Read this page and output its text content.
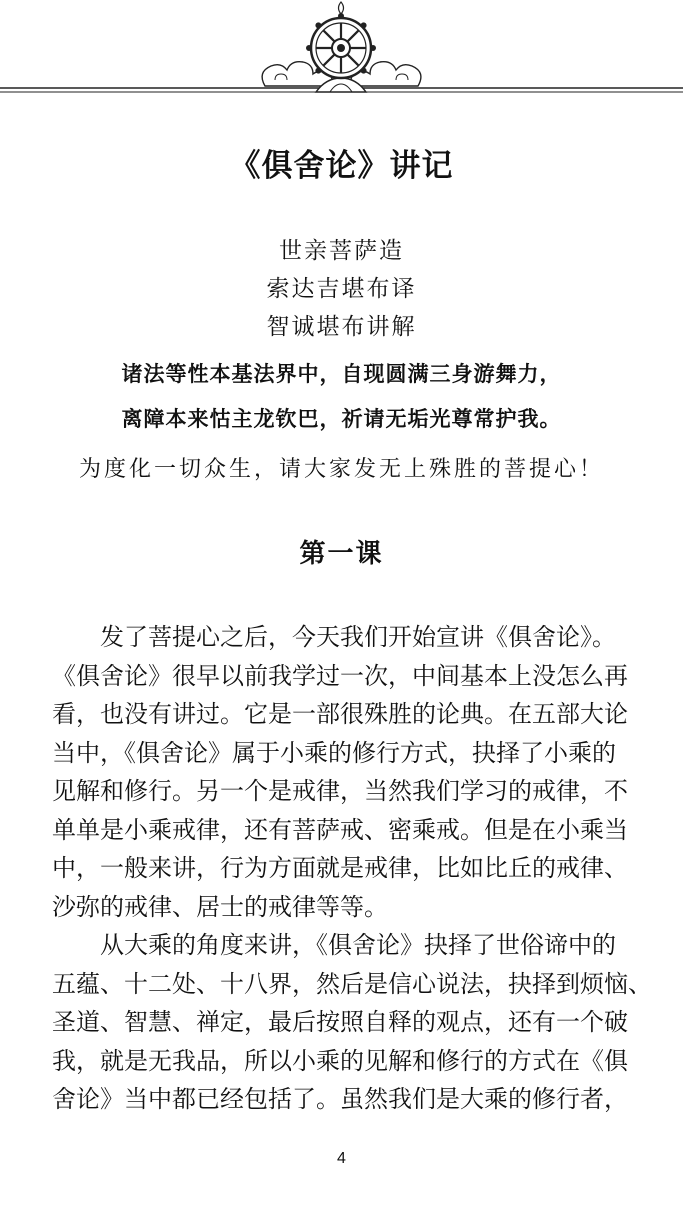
《俱舍论》讲记
世亲菩萨造
索达吉堪布译
智诚堪布讲解
诸法等性本基法界中，自现圆满三身游舞力，
离障本来怙主龙钦巴，祈请无垢光尊常护我。
为度化一切众生，请大家发无上殊胜的菩提心！
第一课
　　发了菩提心之后，今天我们开始宣讲《俱舍论》。
《俱舍论》很早以前我学过一次，中间基本上没怎么再
看，也没有讲过。它是一部很殊胜的论典。在五部大论
当中，《俱舍论》属于小乘的修行方式，抉择了小乘的
见解和修行。另一个是戒律，当然我们学习的戒律，不
单单是小乘戒律，还有菩萨戒、密乘戒。但是在小乘当
中，一般来讲，行为方面就是戒律，比如比丘的戒律、
沙弥的戒律、居士的戒律等等。
　　从大乘的角度来讲，《俱舍论》抉择了世俗谛中的
五蕴、十二处、十八界，然后是信心说法，抉择到烦恼、
圣道、智慧、禅定，最后按照自释的观点，还有一个破
我，就是无我品，所以小乘的见解和修行的方式在《俱
舍论》当中都已经包括了。虽然我们是大乘的修行者，
4
